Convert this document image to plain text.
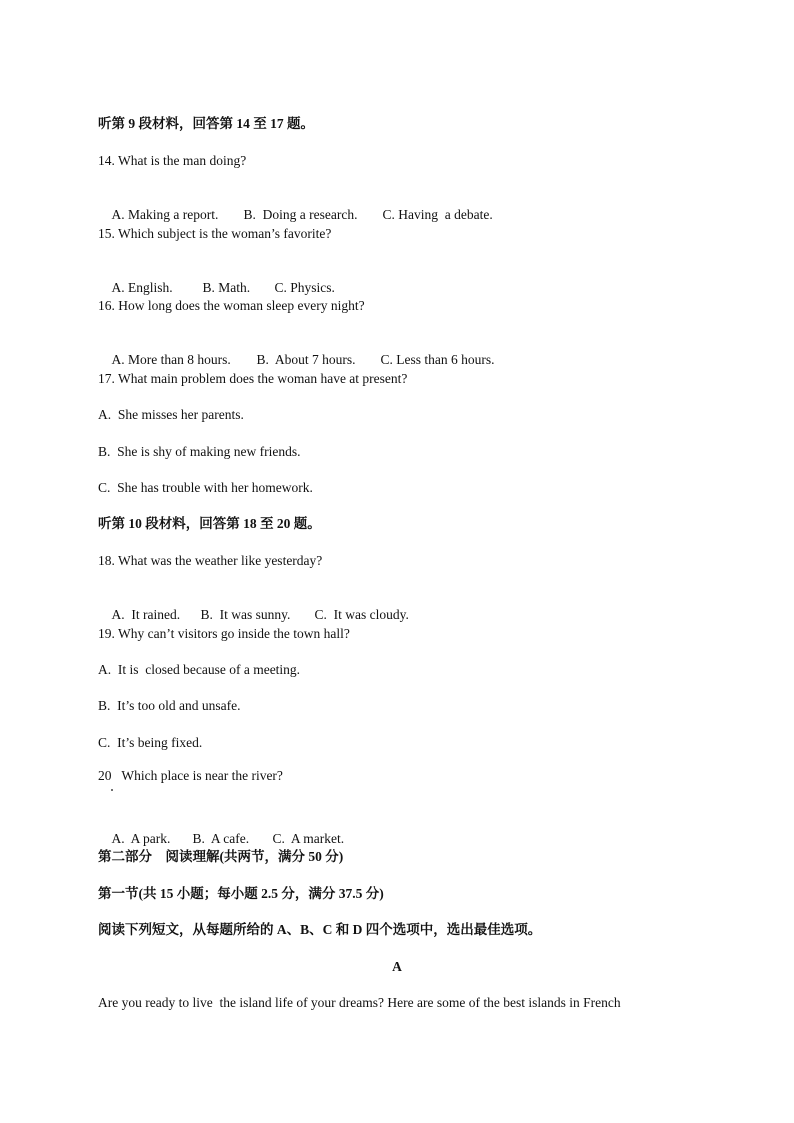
听第 9 段材料，回答第 14 至 17 题。
14. What is the man doing?

A. Making a report. B.  Doing a research. C. Having  a debate.

15. Which subject is the woman’s favorite?

A. English. B. Math. C. Physics.

16. How long does the woman sleep every night?

A. More than 8 hours. B.  About 7 hours. C. Less than 6 hours.

17. What main problem does the woman have at present?
A.  She misses her parents.
B.  She is shy of making new friends.
C.  She has trouble with her homework.
听第 10 段材料，回答第 18 至 20 题。
18. What was the weather like yesterday?

A.  It rained. B.  It was sunny. C.  It was cloudy.

19. Why can’t visitors go inside the town hall?
A.  It is  closed because of a meeting.
B.  It’s too old and unsafe.
C.  It’s being fixed.
20   Which place is near the river?

A.  A park. B.  A cafe. C.  A market.

第二部分　阅读理解(共两节，满分 50 分)
第一节(共 15 小题；每小题 2.5 分，满分 37.5 分)
阅读下列短文，从每题所给的 A、B、C 和 D 四个选项中，选出最佳选项。
A
Are you ready to live  the island life of your dreams? Here are some of the best islands in French
